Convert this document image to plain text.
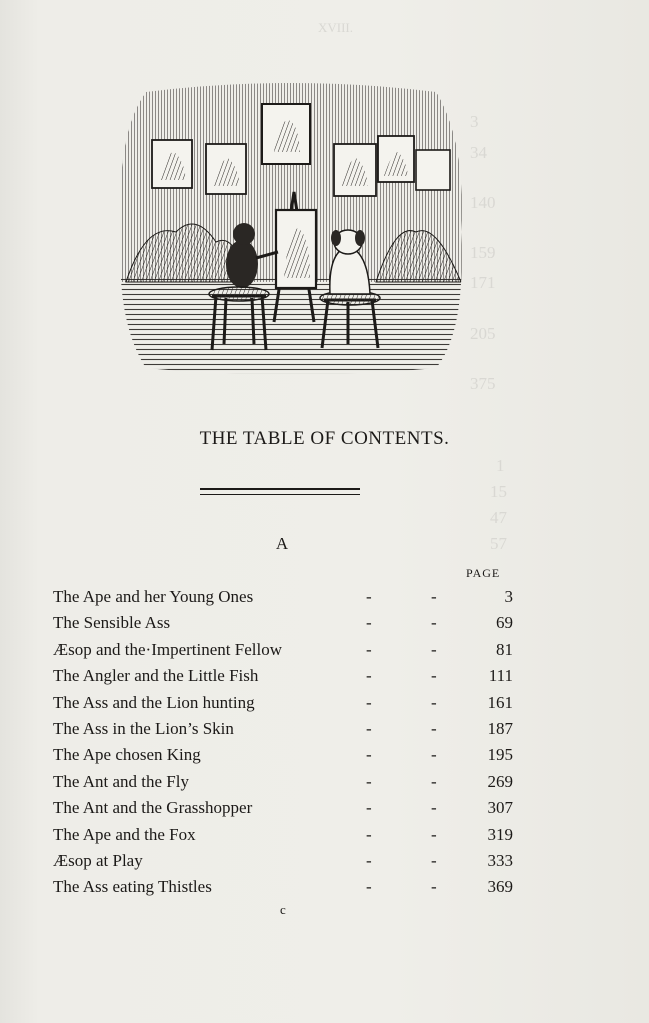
XVIII.
3
34
140
159
171
205
375
1
15
47
57
THE TABLE OF CONTENTS.
A
PAGE
The Ape and her Young Ones	-	-	3
The Sensible Ass	-	-	69
Æsop and the·Impertinent Fellow	-	-	81
The Angler and the Little Fish	-	-	111
The Ass and the Lion hunting	-	-	161
The Ass in the Lion’s Skin	-	-	187
The Ape chosen King	-	-	195
The Ant and the Fly	-	-	269
The Ant and the Grasshopper	-	-	307
The Ape and the Fox	-	-	319
Æsop at Play	-	-	333
The Ass eating Thistles	-	-	369
c
